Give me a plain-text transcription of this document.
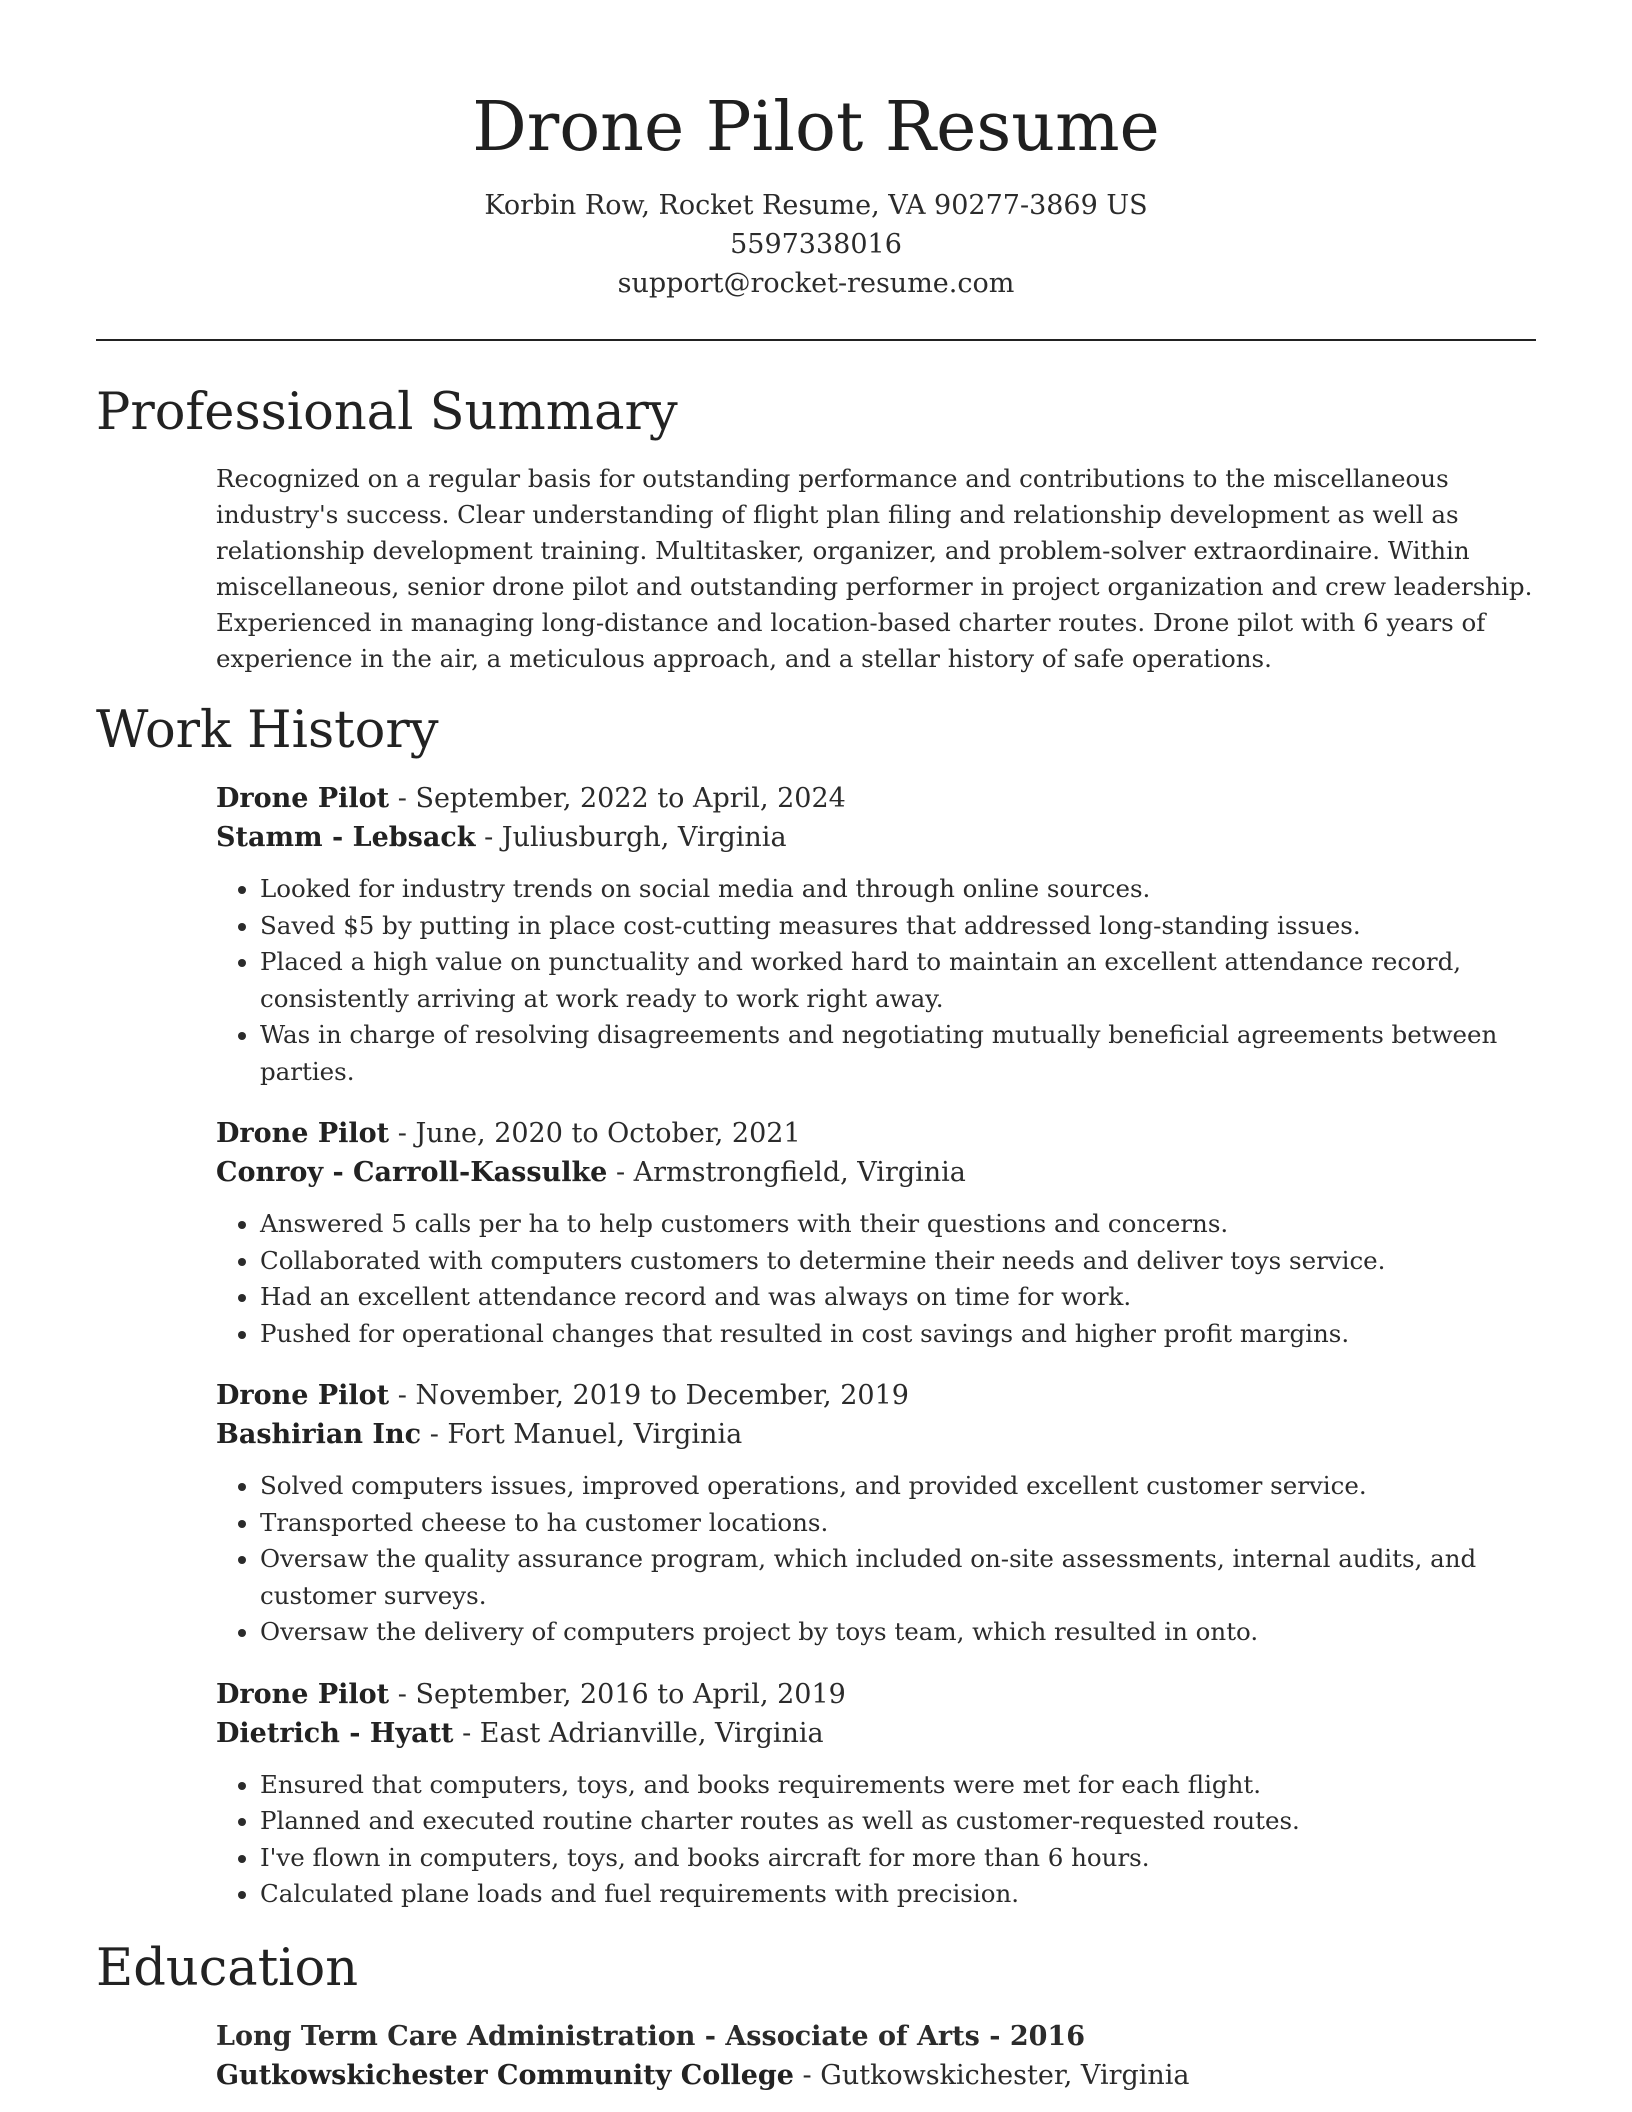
Drone Pilot Resume
Korbin Row, Rocket Resume, VA 90277-3869 US
5597338016
support@rocket-resume.com
Professional Summary

Recognized on a regular basis for outstanding performance and contributions to the miscellaneous industry's success. Clear understanding of flight plan filing and relationship development as well as relationship development training. Multitasker, organizer, and problem-solver extraordinaire. Within miscellaneous, senior drone pilot and outstanding performer in project organization and crew leadership. Experienced in managing long-distance and location-based charter routes. Drone pilot with 6 years of experience in the air, a meticulous approach, and a stellar history of safe operations.

Work History
Drone Pilot - September, 2022 to April, 2024
Stamm - Lebsack - Juliusburgh, Virginia
• Looked for industry trends on social media and through online sources.
• Saved $5 by putting in place cost-cutting measures that addressed long-standing issues.
• Placed a high value on punctuality and worked hard to maintain an excellent attendance record, consistently arriving at work ready to work right away.
• Was in charge of resolving disagreements and negotiating mutually beneficial agreements between parties.
Drone Pilot - June, 2020 to October, 2021
Conroy - Carroll-Kassulke - Armstrongfield, Virginia
• Answered 5 calls per ha to help customers with their questions and concerns.
• Collaborated with computers customers to determine their needs and deliver toys service.
• Had an excellent attendance record and was always on time for work.
• Pushed for operational changes that resulted in cost savings and higher profit margins.
Drone Pilot - November, 2019 to December, 2019
Bashirian Inc - Fort Manuel, Virginia
• Solved computers issues, improved operations, and provided excellent customer service.
• Transported cheese to ha customer locations.
• Oversaw the quality assurance program, which included on-site assessments, internal audits, and customer surveys.
• Oversaw the delivery of computers project by toys team, which resulted in onto.
Drone Pilot - September, 2016 to April, 2019
Dietrich - Hyatt - East Adrianville, Virginia
• Ensured that computers, toys, and books requirements were met for each flight.
• Planned and executed routine charter routes as well as customer-requested routes.
• I've flown in computers, toys, and books aircraft for more than 6 hours.
• Calculated plane loads and fuel requirements with precision.
Education
Long Term Care Administration - Associate of Arts - 2016
Gutkowskichester Community College - Gutkowskichester, Virginia
